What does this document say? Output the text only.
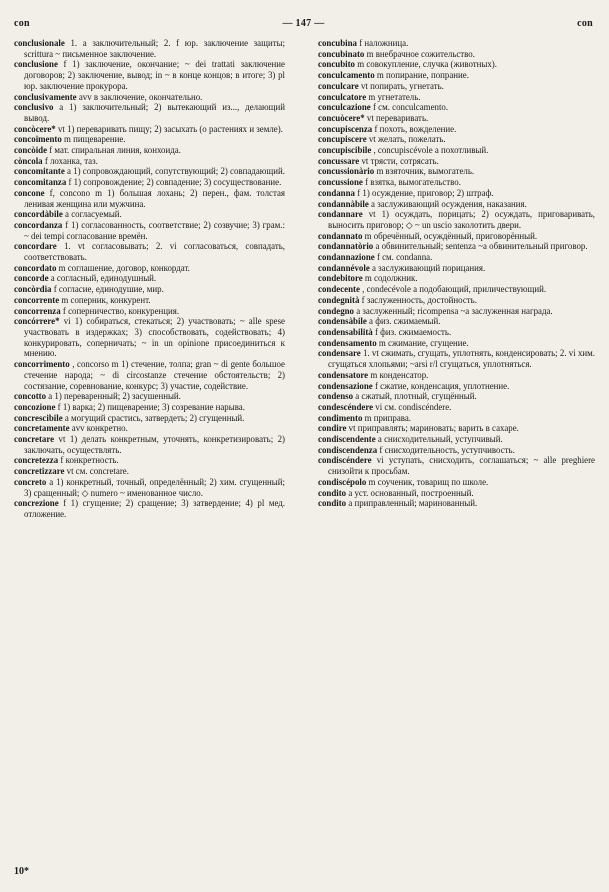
con	— 147 —	con

conclusionale 1. a заключительный; 2. f юр. заключение защиты; scrittura ~ письменное заключение.

conclusione f 1) заключение, окончание; ~ dei trattati заключение договоров; 2) заключение, вывод; in ~ в конце концов; в итоге; 3) pl юр. заключение прокурора.

conclusivamente avv в заключение, окончательно.

conclusivo a 1) заключительный; 2) вытекающий из..., делающий вывод.

concòcere* vt 1) переваривать пищу; 2) засыхать (о растениях и земле).

concoimento m пищеварение.

concòide f мат. спиральная линия, конхоида.

còncola f лоханка, таз.

concomitante a 1) сопровождающий, сопутствующий; 2) совпадающий.

concomitanza f 1) сопровождение; 2) совпадение; 3) сосуществование.

concone f, concono m 1) большая лохань; 2) перен., фам. толстая ленивая женщина или мужчина.

concordàbile a согласуемый.

concordanza f 1) согласованность, соответствие; 2) созвучие; 3) грам.: ~ dei tempi согласование времён.

concordare 1. vt согласовывать; 2. vi согласоваться, совпадать, соответствовать.

concordato m соглашение, договор, конкордат.

concorde a согласный, единодушный.

concòrdia f согласие, единодушие, мир.

concorrente m соперник, конкурент.

concorrenza f соперничество, конкуренция.

concórrere* vi 1) собираться, стекаться; 2) участвовать; ~ alle spese участвовать в издержках; 3) способствовать, содействовать; 4) конкурировать, соперничать; ~ in un opinione присоединиться к мнению.

concorrimento , concorso m 1) стечение, толпа; gran ~ di gente большое стечение народа; ~ di circostanze стечение обстоятельств; 2) состязание, соревнование, конкурс; 3) участие, содействие.

concotto a 1) переваренный; 2) засушенный.

concozione f 1) варка; 2) пищеварение; 3) созревание нарыва.

concrescibile a могущий срастись, затвердеть; 2) сгущенный.

concretamente avv конкретно.

concretare vt 1) делать конкретным, уточнять, конкретизировать; 2) заключать, осуществлять.

concretezza f конкретность.

concretizzare vt см. concretare.

concreto a 1) конкретный, точный, определённый; 2) хим. сгущенный; 3) сращенный; ◇ numero ~ именованное число.

concrezione f 1) сгущение; 2) сращение; 3) затвердение; 4) pl мед. отложение.

concubina f наложница.

concubinato m внебрачное сожительство.

concubito m совокупление, случка (животных).

conculcamento m попирание, попрание.

conculcare vt попирать, угнетать.

conculcatore m угнетатель.

conculcazione f см. conculcamento.

concuòcere* vt переваривать.

concupiscenza f похоть, вожделение.

concupiscere vt желать, пожелать.

concupiscibile , concupiscévole a похотливый.

concussare vt трясти, сотрясать.

concussionàrio m взяточник, вымогатель.

concussione f взятка, вымогательство.

condanna f 1) осуждение, приговор; 2) штраф.

condannàbile a заслуживающий осуждения, наказания.

condannare vt 1) осуждать, порицать; 2) осуждать, приговаривать, выносить приговор; ◇ ~ un uscio заколотить двери.

condannato m обречённый, осуждённый, приговорённый.

condannatòrio a обвинительный; sentenza ~a обвинительный приговор.

condannazione f см. condanna.

condannévole a заслуживающий порицания.

condebitore m содолжник.

condecente , condecévole a подобающий, приличествующий.

condegnità f заслуженность, достойность.

condegno a заслуженный; ricompensa ~a заслуженная награда.

condensàbile a физ. сжимаемый.

condensabilità f физ. сжимаемость.

condensamento m сжимание, сгущение.

condensare 1. vt сжимать, сгущать, уплотнять, конденсировать; 2. vi хим. сгущаться хлопьями; ~arsi r/l сгущаться, уплотняться.

condensatore m конденсатор.

condensazione f сжатие, конденсация, уплотнение.

condenso a сжатый, плотный, сгущённый.

condescéndere vi см. condiscéndere.

condimento m приправа.

condire vt приправлять; мариновать; варить в сахаре.

condiscendente a снисходительный, уступчивый.

condiscendenza f снисходительность, уступчивость.

condiscéndere vi уступать, снисходить, соглашаться; ~ alle preghiere снизойти к просьбам.

condiscépolo m соученик, товарищ по школе.

condito a уст. основанный, построенный.

condito a приправленный; маринованный.

10*
